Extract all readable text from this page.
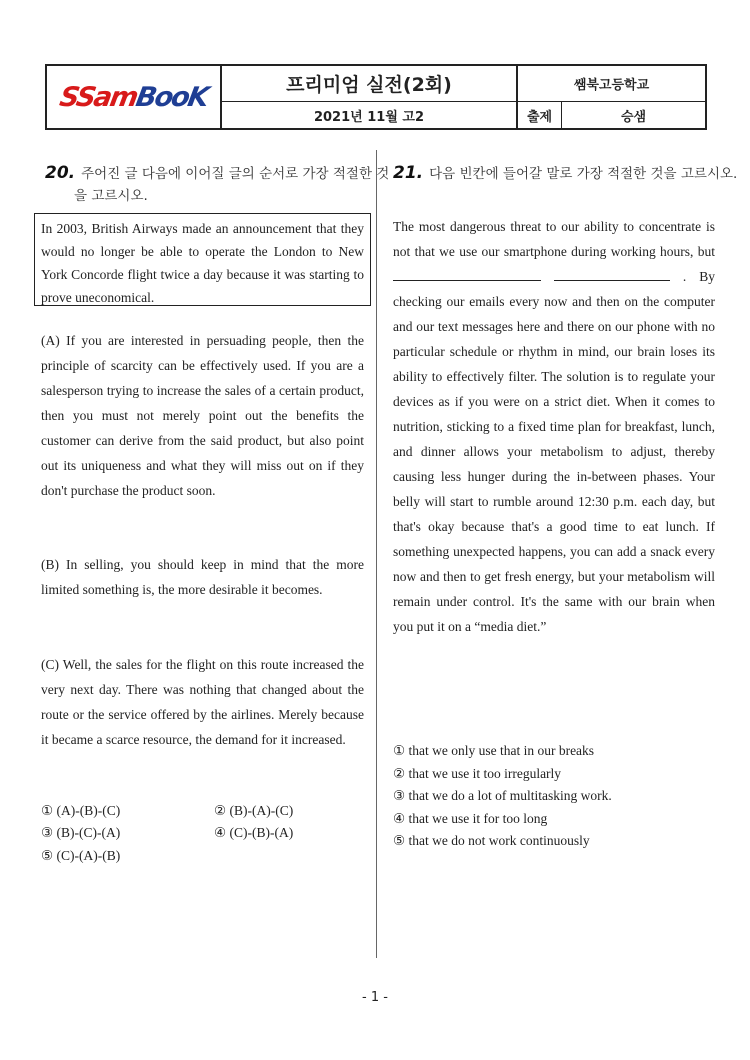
SSamBooK	프리미엄 실전(2회)	쌤북고등학교
2021년 11월 고2	출제	승샘
20. 주어진 글 다음에 이어질 글의 순서로 가장 적절한 것을 고르시오.
In 2003, British Airways made an announcement that they would no longer be able to operate the London to New York Concorde flight twice a day because it was starting to prove uneconomical.
(A) If you are interested in persuading people, then the principle of scarcity can be effectively used. If you are a salesperson trying to increase the sales of a certain product, then you must not merely point out the benefits the customer can derive from the said product, but also point out its uniqueness and what they will miss out on if they don't purchase the product soon.
(B) In selling, you should keep in mind that the more limited something is, the more desirable it becomes.
(C) Well, the sales for the flight on this route increased the very next day. There was nothing that changed about the route or the service offered by the airlines. Merely because it became a scarce resource, the demand for it increased.
① (A)-(B)-(C)	② (B)-(A)-(C)
③ (B)-(C)-(A)	④ (C)-(B)-(A)
⑤ (C)-(A)-(B)
21. 다음 빈칸에 들어갈 말로 가장 적절한 것을 고르시오.
The most dangerous threat to our ability to concentrate is not that we use our smartphone during working hours, but   . By checking our emails every now and then on the computer and our text messages here and there on our phone with no particular schedule or rhythm in mind, our brain loses its ability to effectively filter. The solution is to regulate your devices as if you were on a strict diet. When it comes to nutrition, sticking to a fixed time plan for breakfast, lunch, and dinner allows your metabolism to adjust, thereby causing less hunger during the in-between phases. Your belly will start to rumble around 12:30 p.m. each day, but that's okay because that's a good time to eat lunch. If something unexpected happens, you can add a snack every now and then to get fresh energy, but your metabolism will remain under control. It's the same with our brain when you put it on a “media diet.”
① that we only use that in our breaks
② that we use it too irregularly
③ that we do a lot of multitasking work.
④ that we use it for too long
⑤ that we do not work continuously
- 1 -
